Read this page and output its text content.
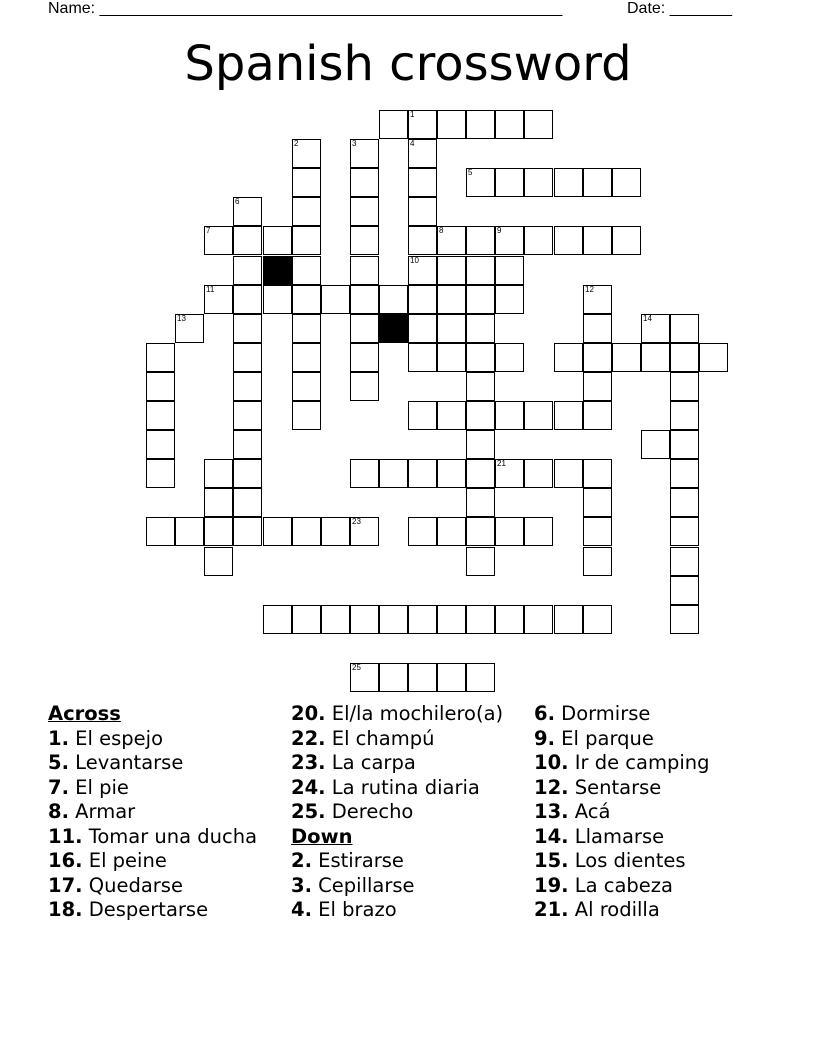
Name: ____________________________________________________	Date: _______
Spanish crossword
1
2	3	4
5
6
7	8	9
10
11	12
13	14
21
23
25
Across
1. El espejo
5. Levantarse
7. El pie
8. Armar
11. Tomar una ducha
16. El peine
17. Quedarse
18. Despertarse
20. El/la mochilero(a)
22. El champú
23. La carpa
24. La rutina diaria
25. Derecho
Down
2. Estirarse
3. Cepillarse
4. El brazo
6. Dormirse
9. El parque
10. Ir de camping
12. Sentarse
13. Acá
14. Llamarse
15. Los dientes
19. La cabeza
21. Al rodilla
